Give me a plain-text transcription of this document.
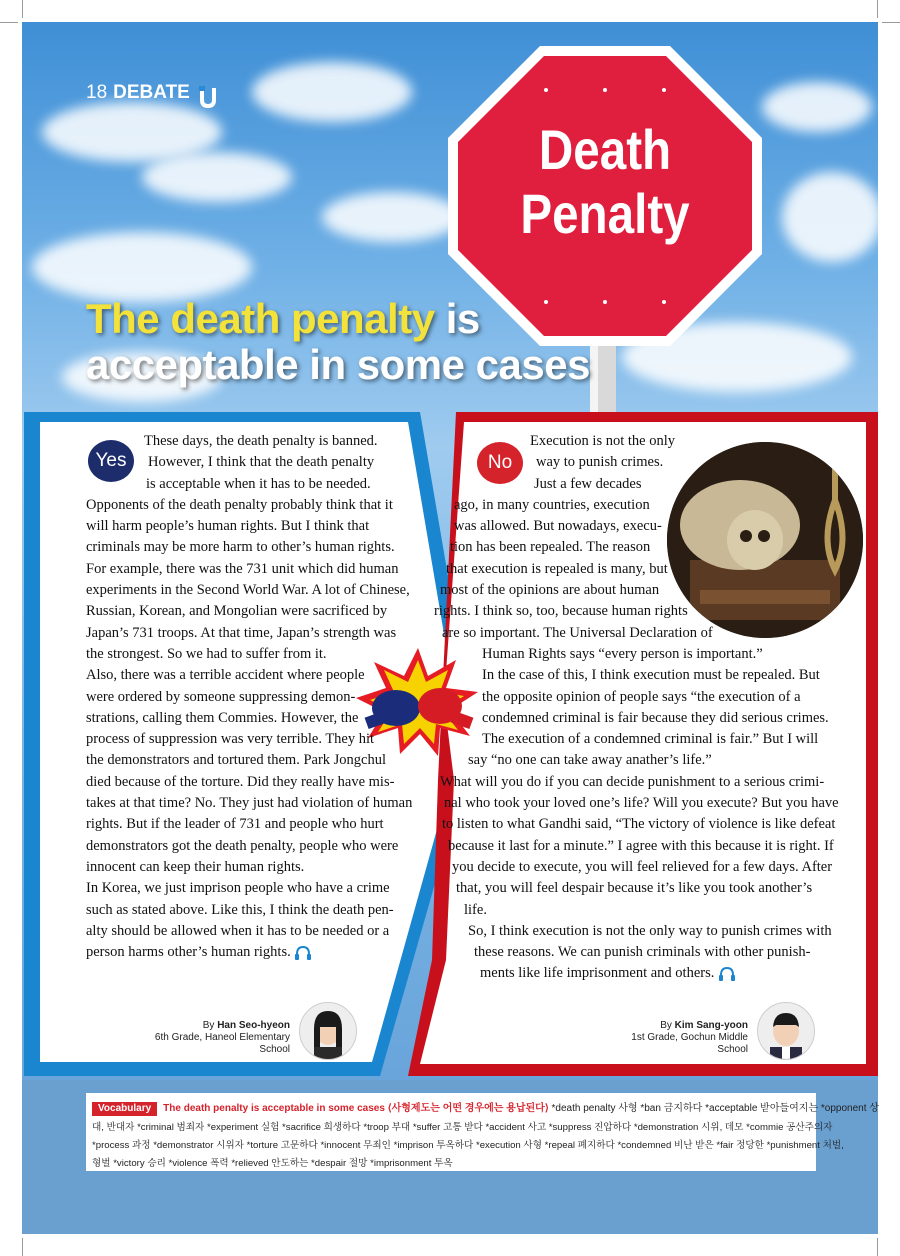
Death
Penalty
18 DEBATE
The death penalty is
acceptable in some cases
Yes

These days, the death penalty is banned.

However, I think that the death penalty

is acceptable when it has to be needed.

Opponents of the death penalty probably think that it

will harm people’s human rights. But I think that

criminals may be more harm to other’s human rights.

For example, there was the 731 unit which did human

experiments in the Second World War. A lot of Chinese,

Russian, Korean, and Mongolian were sacrificed by

Japan’s 731 troops. At that time, Japan’s strength was

the strongest. So we had to suffer from it.

Also, there was a terrible accident where people

were ordered by someone suppressing demon-

strations, calling them Commies. However, the

process of suppression was very terrible. They hit

the demonstrators and tortured them. Park Jongchul

died because of the torture. Did they really have mis-

takes at that time? No. They just had violation of human

rights. But if the leader of 731 and people who hurt

demonstrators got the death penalty, people who were

innocent can keep their human rights.

In Korea, we just imprison people who have a crime

such as stated above. Like this, I think the death pen-

alty should be allowed when it has to be needed or a

person harms other’s human rights.

No

Execution is not the only

way to punish crimes.

Just a few decades

ago, in many countries, execution

was allowed. But nowadays, execu-

tion has been repealed. The reason

that execution is repealed is many, but

most of the opinions are about human

rights. I think so, too, because human rights

are so important. The Universal Declaration of

Human Rights says “every person is important.”

In the case of this, I think execution must be repealed. But

the opposite opinion of people says “the execution of a

condemned criminal is fair because they did serious crimes.

The execution of a condemned criminal is fair.” But I will

say “no one can take away anather’s life.”

What will you do if you can decide punishment to a serious crimi-

nal who took your loved one’s life? Will you execute? But you have

to listen to what Gandhi said, “The victory of violence is like defeat

because it last for a minute.” I agree with this because it is right. If

you decide to execute, you will feel relieved for a few days. After

that, you will feel despair because it’s like you took another’s

life.

So, I think execution is not the only way to punish crimes with

these reasons. We can punish criminals with other punish-

ments like life imprisonment and others.

By Han Seo-hyeon
6th Grade, Haneol Elementary School
By Kim Sang-yoon
1st Grade, Gochun Middle School
Vocabulary The death penalty is acceptable in some cases ⟨사형제도는 어떤 경우에는 용납된다⟩ *death penalty 사형 *ban 금지하다 *acceptable 받아들여지는 *opponent 상
대, 반대자 *criminal 범죄자 *experiment 실험 *sacrifice 희생하다 *troop 부대 *suffer 고통 받다 *accident 사고 *suppress 진압하다 *demonstration 시위, 데모 *commie 공산주의자
*process 과정 *demonstrator 시위자 *torture 고문하다 *innocent 무죄인 *imprison 투옥하다 *execution 사형 *repeal 폐지하다 *condemned 비난 받은 *fair 정당한 *punishment 처벌,
형벌 *victory 승리 *violence 폭력 *relieved 안도하는 *despair 절망 *imprisonment 투옥
